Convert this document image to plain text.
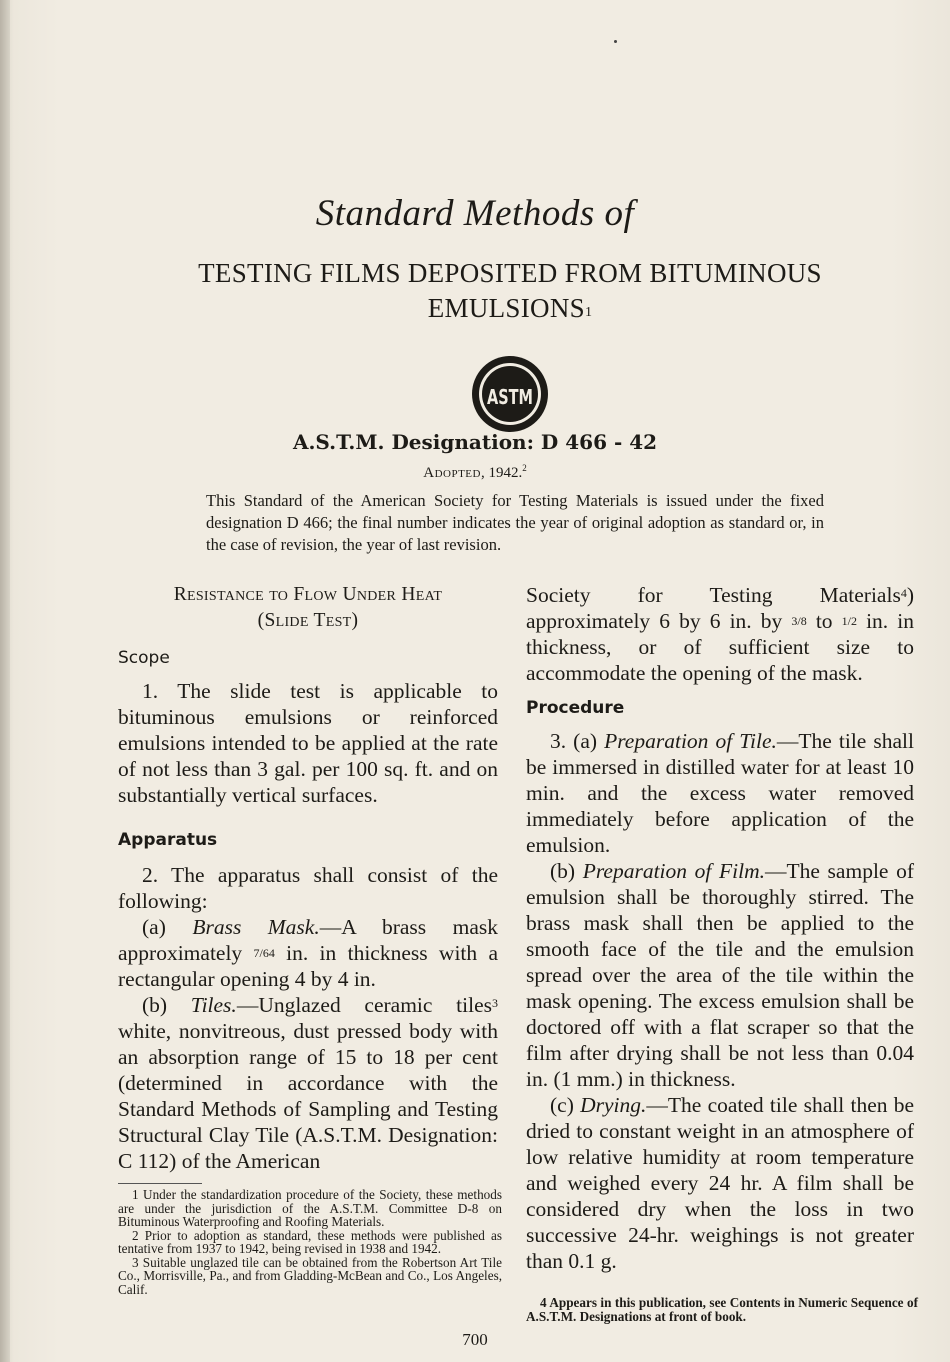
Standard Methods of
TESTING FILMS DEPOSITED FROM BITUMINOUS
EMULSIONS$^1$
ASTM
A.S.T.M. Designation: D 466 - 42
Adopted, 1942.$^2$
This Standard of the American Society for Testing Materials is issued under the fixed designation D 466; the final number indicates the year of original adoption as standard or, in the case of revision, the year of last revision.
Resistance to Flow Under Heat
(Slide Test)
Scope

1. The slide test is applicable to bituminous emulsions or reinforced emulsions intended to be applied at the rate of not less than 3 gal. per 100 sq. ft. and on substantially vertical surfaces.

Apparatus

2. The apparatus shall consist of the following:

(a) Brass Mask.—A brass mask approximately $^{7/64}$ in. in thickness with a rectangular opening 4 by 4 in.

(b) Tiles.—Unglazed ceramic tiles$^3$ white, nonvitreous, dust pressed body with an absorption range of 15 to 18 per cent (determined in accordance with the Standard Methods of Sampling and Testing Structural Clay Tile (A.S.T.M. Designation: C 112) of the American

Society for Testing Materials$^4$) approximately 6 by 6 in. by $^{3/8}$ to $^{1/2}$ in. in thickness, or of sufficient size to accommodate the opening of the mask.

Procedure

3. (a) Preparation of Tile.—The tile shall be immersed in distilled water for at least 10 min. and the excess water removed immediately before application of the emulsion.

(b) Preparation of Film.—The sample of emulsion shall be thoroughly stirred. The brass mask shall then be applied to the smooth face of the tile and the emulsion spread over the area of the tile within the mask opening. The excess emulsion shall be doctored off with a flat scraper so that the film after drying shall be not less than 0.04 in. (1 mm.) in thickness.

(c) Drying.—The coated tile shall then be dried to constant weight in an atmosphere of low relative humidity at room temperature and weighed every 24 hr. A film shall be considered dry when the loss in two successive 24-hr. weighings is not greater than 0.1 g.

1 Under the standardization procedure of the Society, these methods are under the jurisdiction of the A.S.T.M. Committee D-8 on Bituminous Waterproofing and Roofing Materials.

2 Prior to adoption as standard, these methods were published as tentative from 1937 to 1942, being revised in 1938 and 1942.

3 Suitable unglazed tile can be obtained from the Robertson Art Tile Co., Morrisville, Pa., and from Gladding-McBean and Co., Los Angeles, Calif.

4 Appears in this publication, see Contents in Numeric Sequence of A.S.T.M. Designations at front of book.

700
